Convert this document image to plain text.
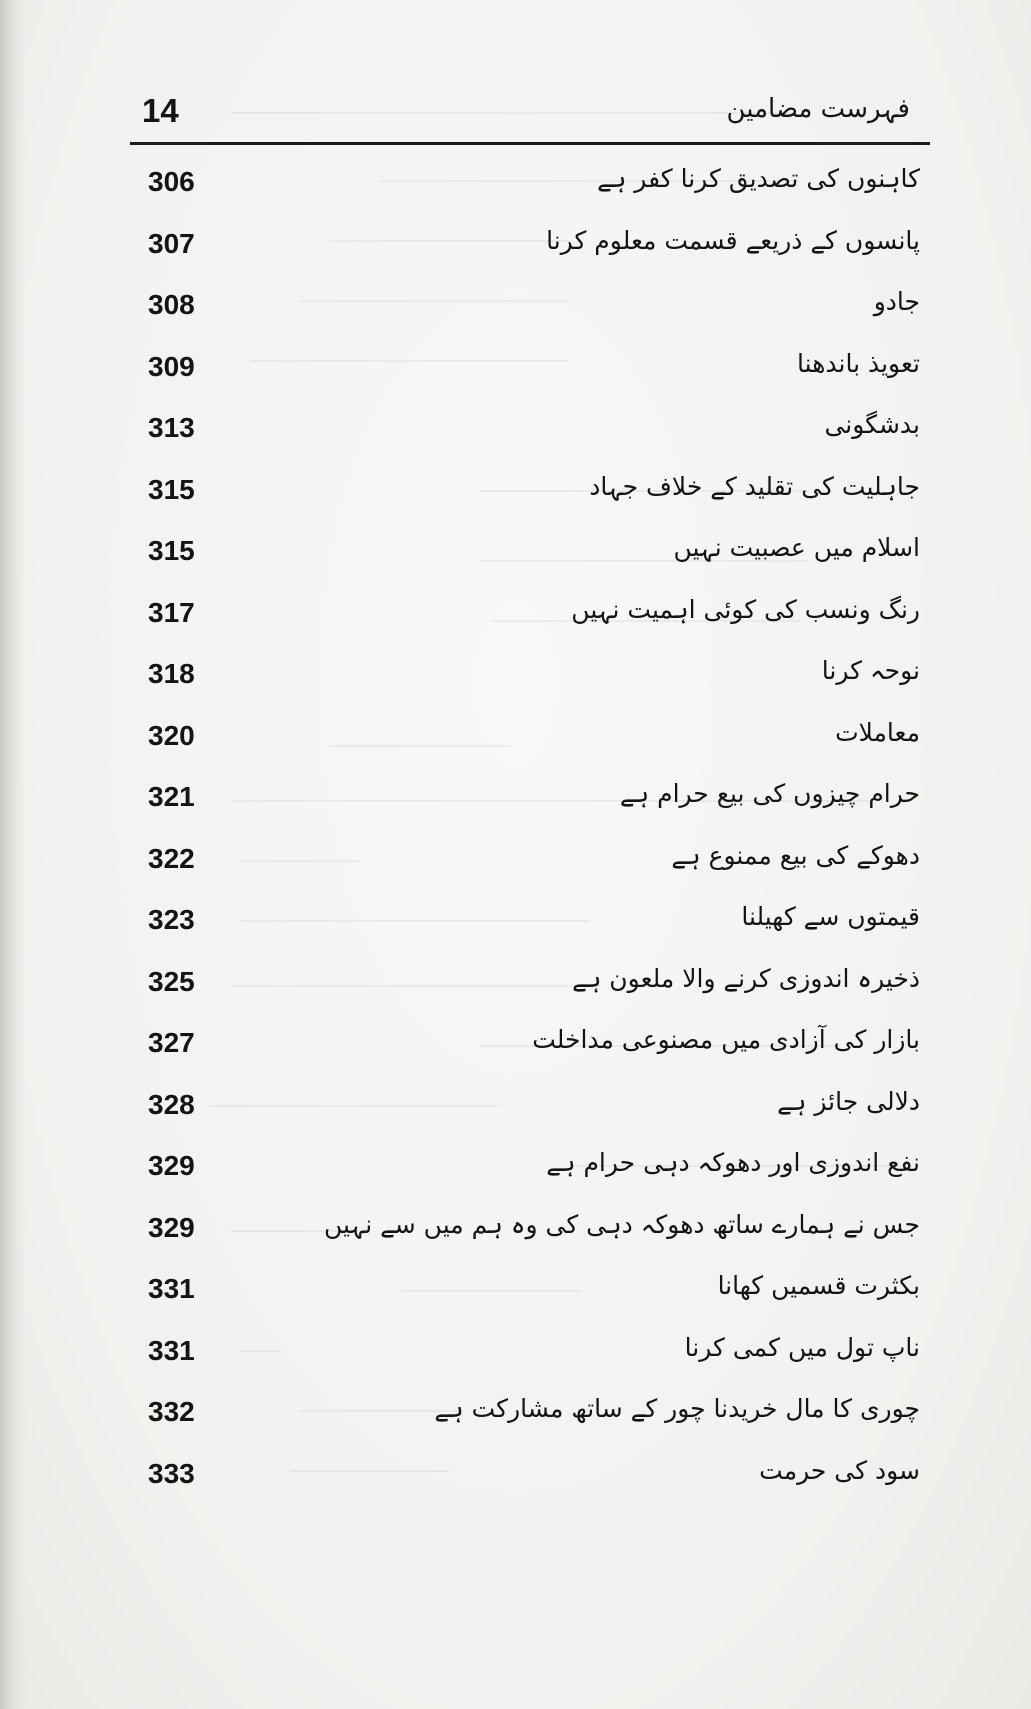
14	فہرست مضامین
306	کاہنوں کی تصدیق کرنا کفر ہے
307	پانسوں کے ذریعے قسمت معلوم کرنا
308	جادو
309	تعویذ باندھنا
313	بدشگونی
315	جاہلیت کی تقلید کے خلاف جہاد
315	اسلام میں عصبیت نہیں
317	رنگ ونسب کی کوئی اہمیت نہیں
318	نوحہ کرنا
320	معاملات
321	حرام چیزوں کی بیع حرام ہے
322	دھوکے کی بیع ممنوع ہے
323	قیمتوں سے کھیلنا
325	ذخیرہ اندوزی کرنے والا ملعون ہے
327	بازار کی آزادی میں مصنوعی مداخلت
328	دلالی جائز ہے
329	نفع اندوزی اور دھوکہ دہی حرام ہے
329	جس نے ہمارے ساتھ دھوکہ دہی کی وہ ہم میں سے نہیں
331	بکثرت قسمیں کھانا
331	ناپ تول میں کمی کرنا
332	چوری کا مال خریدنا چور کے ساتھ مشارکت ہے
333	سود کی حرمت
